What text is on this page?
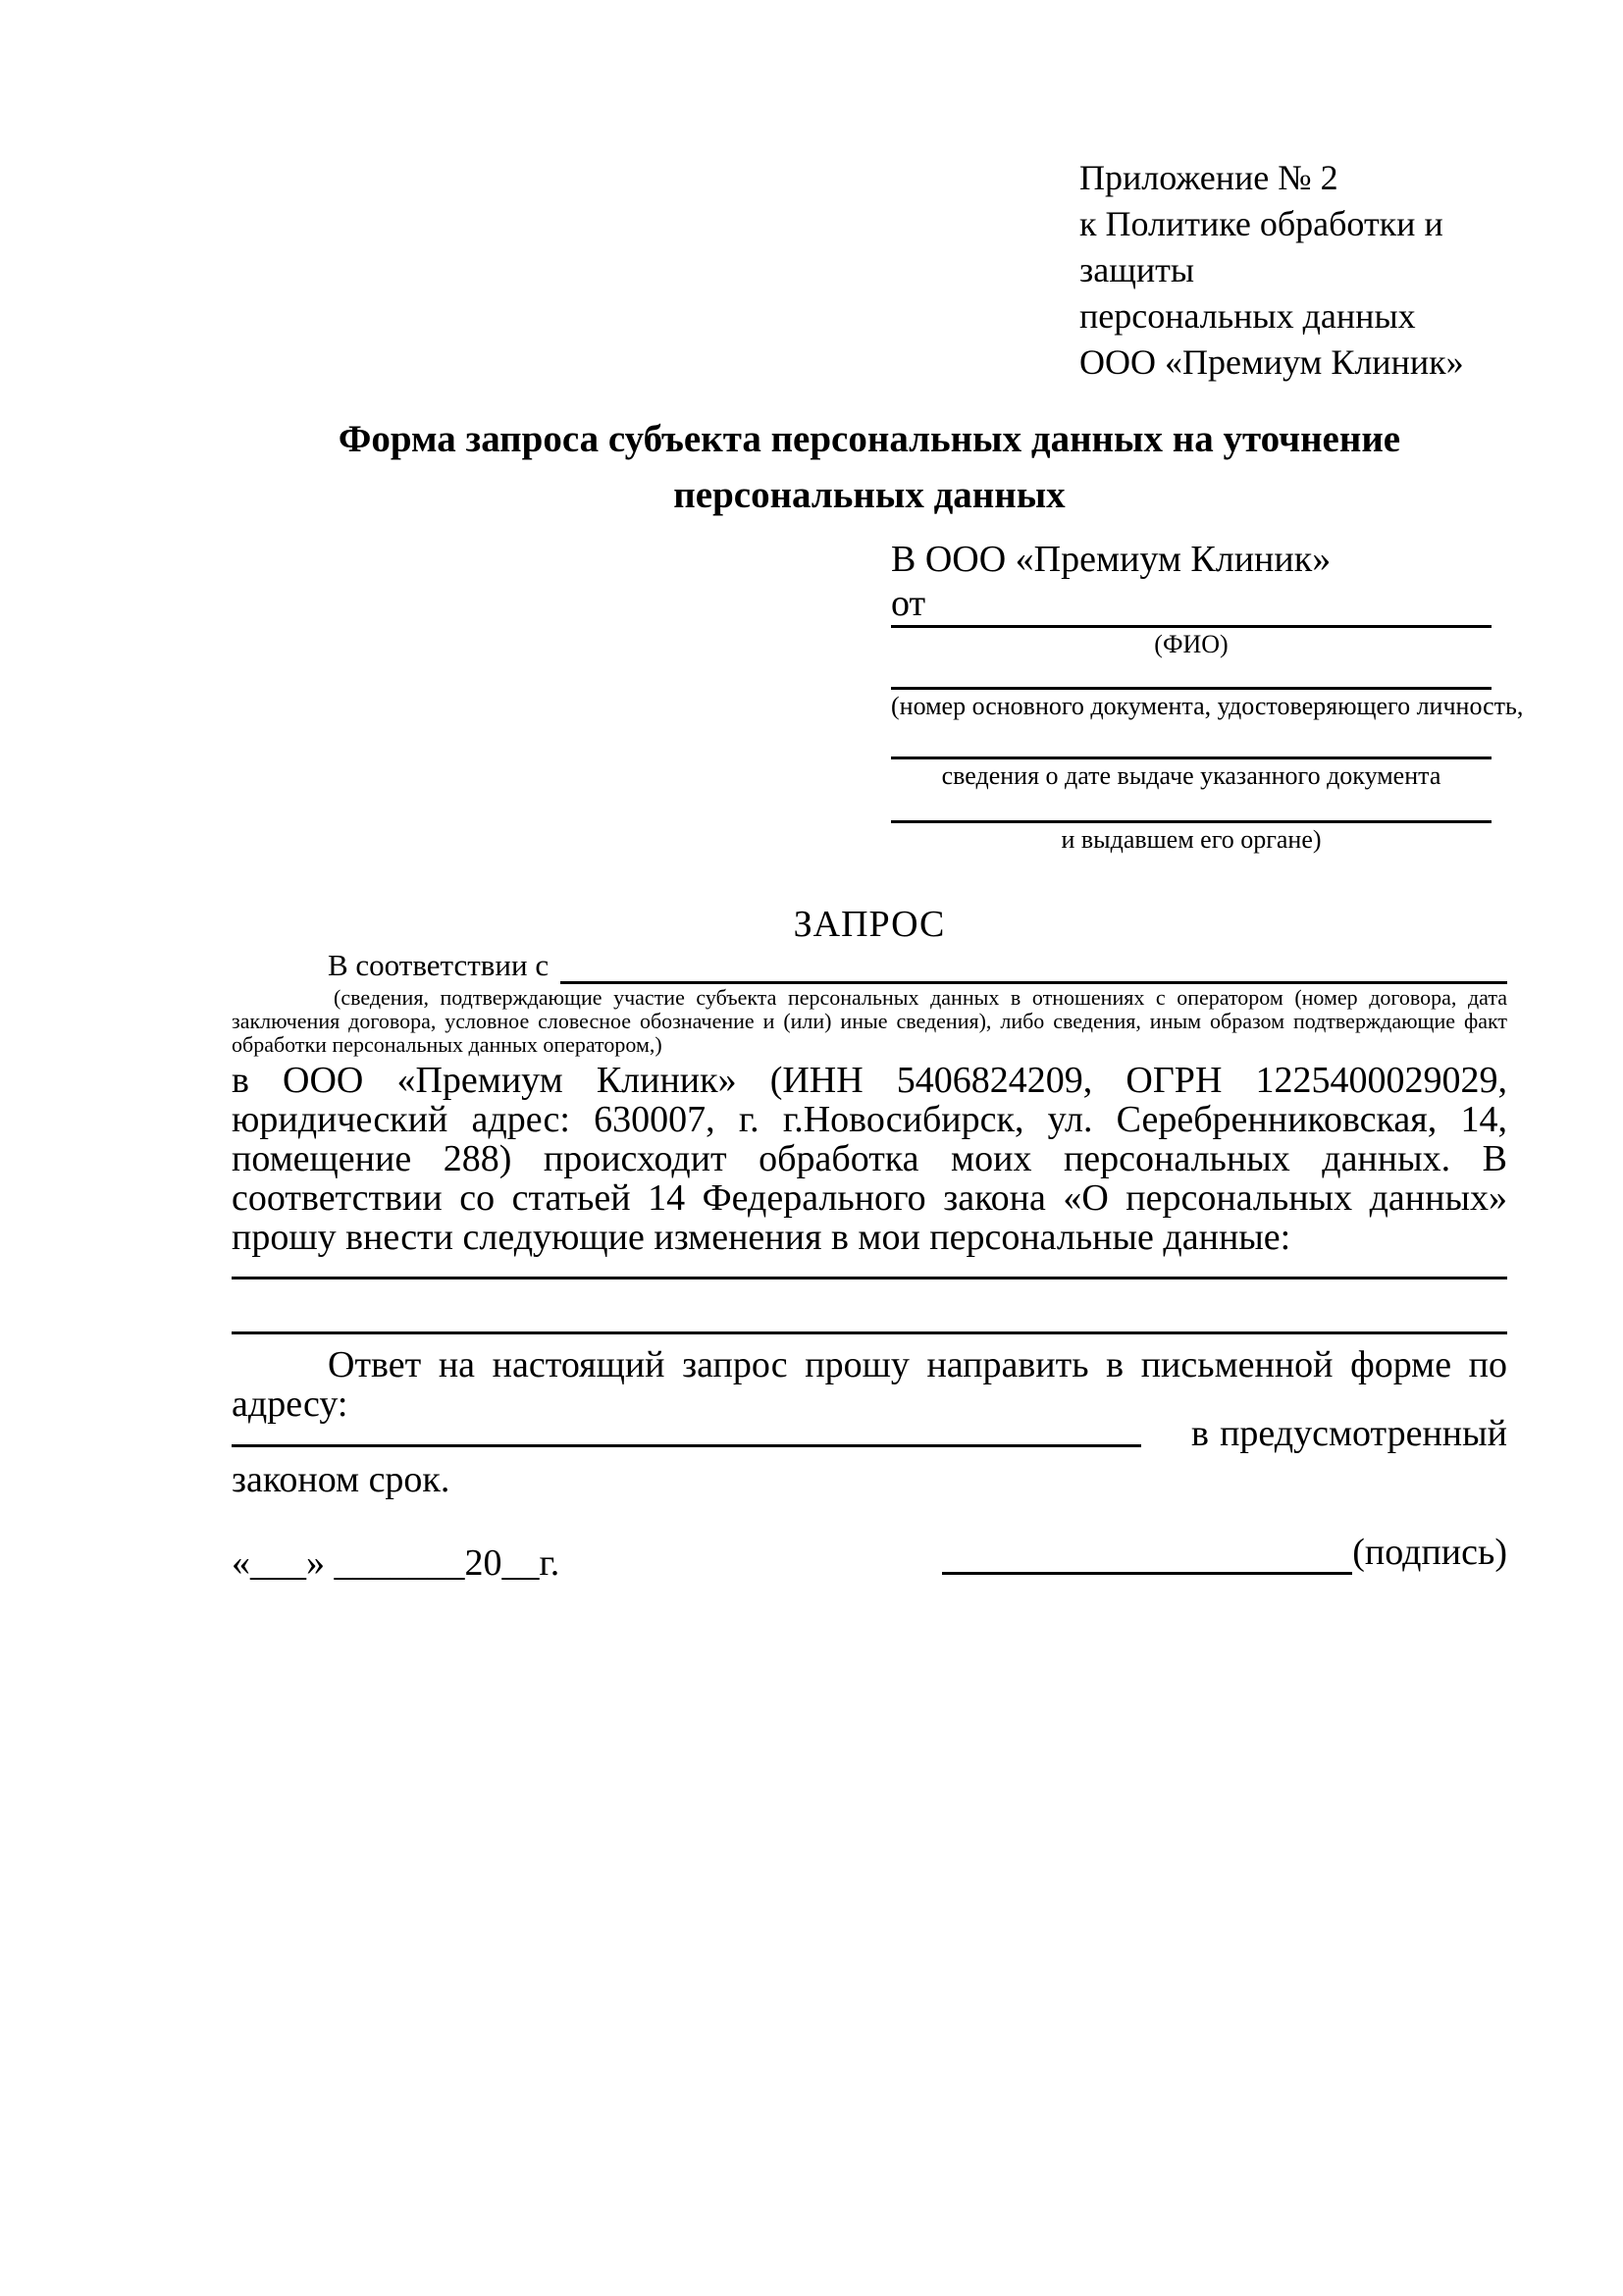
Приложение № 2
к Политике обработки и защиты
персональных данных
ООО «Премиум Клиник»
Форма запроса субъекта персональных данных на уточнение персональных данных
В ООО «Премиум Клиник»
от
(ФИО)
(номер основного документа, удостоверяющего личность,
сведения о дате выдаче указанного документа
и выдавшем его органе)
ЗАПРОС
В соответствии с
(сведения, подтверждающие участие субъекта персональных данных в отношениях с оператором (номер договора, дата заключения договора, условное словесное обозначение и (или) иные сведения), либо сведения, иным образом подтверждающие факт обработки персональных данных оператором,)
в ООО «Премиум Клиник» (ИНН 5406824209, ОГРН 1225400029029, юридический адрес: 630007, г. г.Новосибирск, ул. Серебренниковская, 14, помещение 288) происходит обработка моих персональных данных. В соответствии со статьей 14 Федерального закона «О персональных данных» прошу внести следующие изменения в мои персональные данные:
Ответ на настоящий запрос прошу направить в письменной форме по адресу:
в предусмотренный
законом срок.
«___» _______20__г.	(подпись)
